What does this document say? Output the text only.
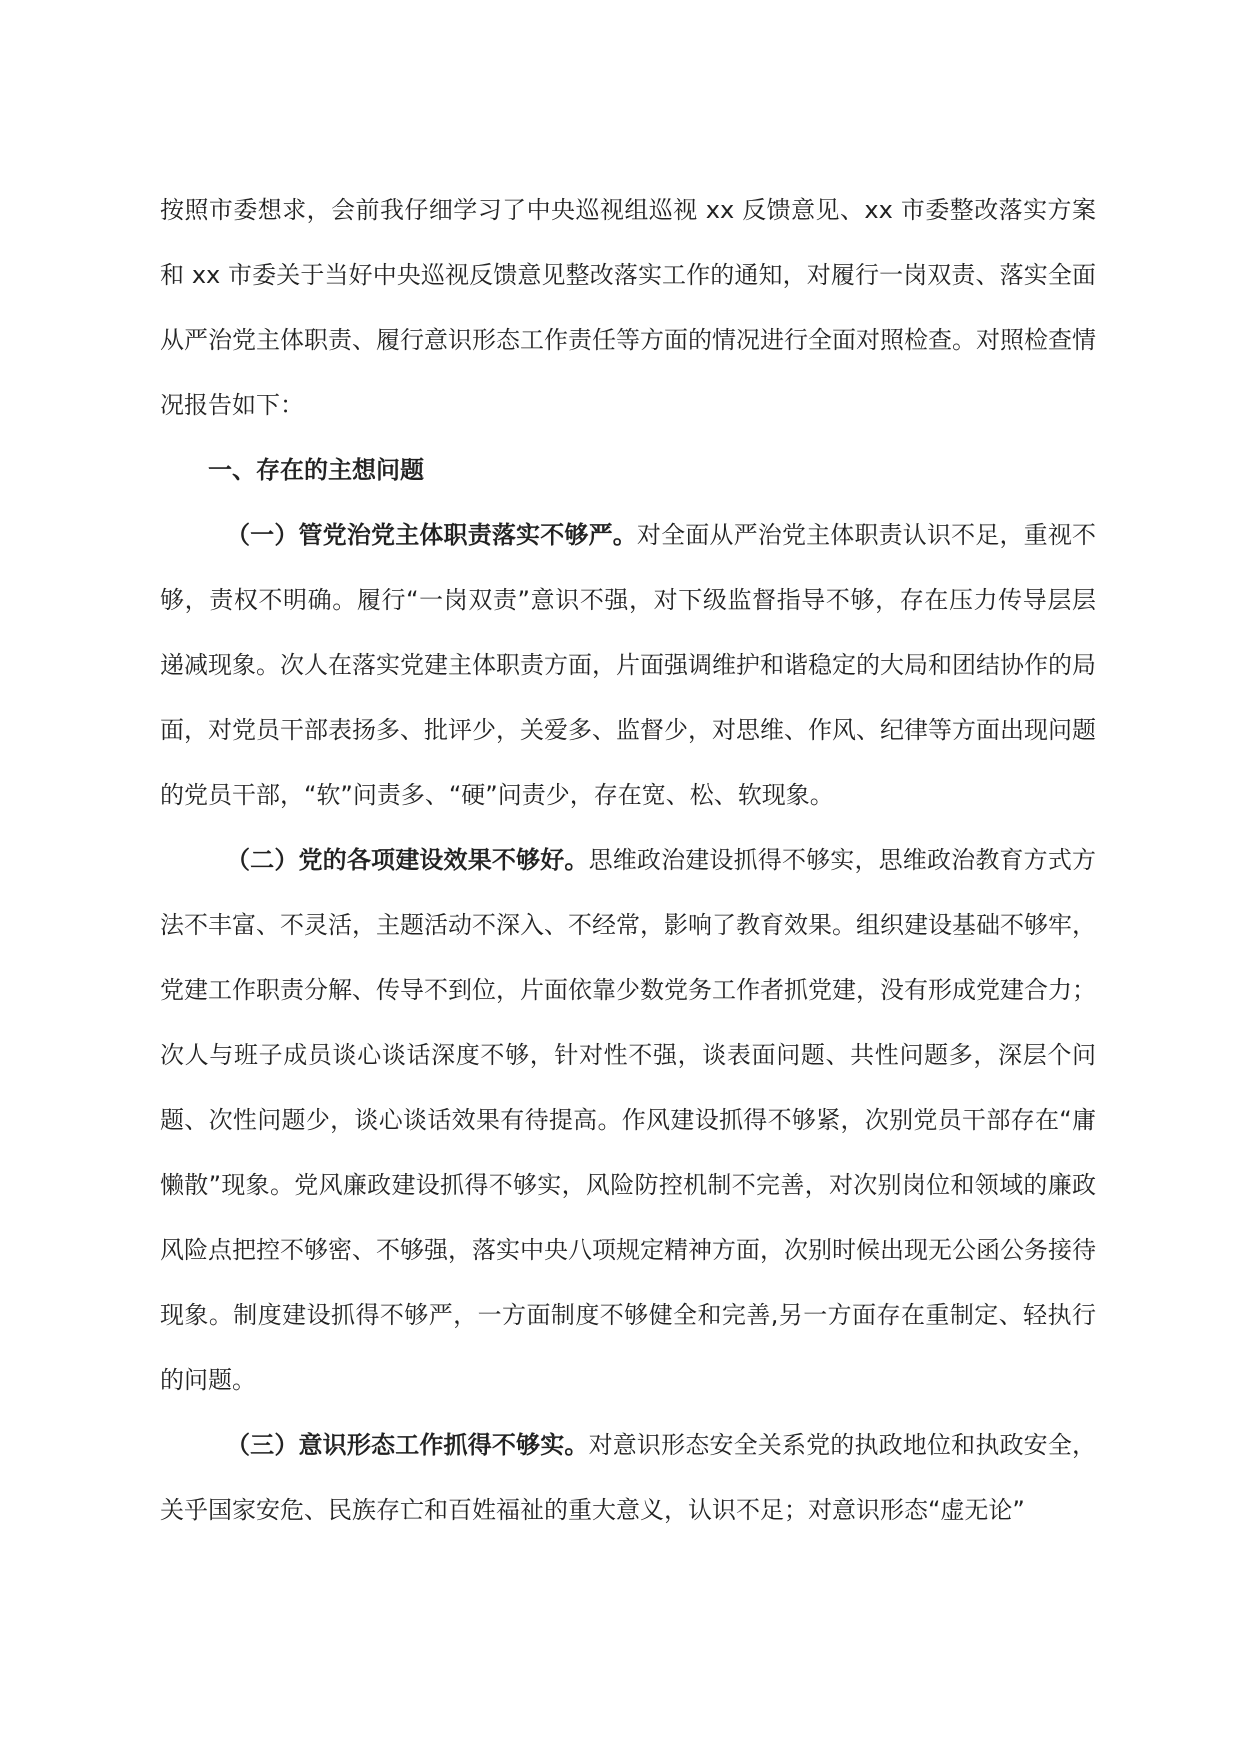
按照市委想求，会前我仔细学习了中央巡视组巡视 xx 反馈意见、xx 市委整改落实方案和 xx 市委关于当好中央巡视反馈意见整改落实工作的通知，对履行一岗双责、落实全面从严治党主体职责、履行意识形态工作责任等方面的情况进行全面对照检查。对照检查情况报告如下：

一、存在的主想问题

（一）管党治党主体职责落实不够严。对全面从严治党主体职责认识不足，重视不够，责权不明确。履行“一岗双责”意识不强，对下级监督指导不够，存在压力传导层层递减现象。次人在落实党建主体职责方面，片面强调维护和谐稳定的大局和团结协作的局面，对党员干部表扬多、批评少，关爱多、监督少，对思维、作风、纪律等方面出现问题的党员干部，“软”问责多、“硬”问责少，存在宽、松、软现象。

（二）党的各项建设效果不够好。思维政治建设抓得不够实，思维政治教育方式方法不丰富、不灵活，主题活动不深入、不经常，影响了教育效果。组织建设基础不够牢，党建工作职责分解、传导不到位，片面依靠少数党务工作者抓党建，没有形成党建合力；次人与班子成员谈心谈话深度不够，针对性不强，谈表面问题、共性问题多，深层个问题、次性问题少，谈心谈话效果有待提高。作风建设抓得不够紧，次别党员干部存在“庸懒散”现象。党风廉政建设抓得不够实，风险防控机制不完善，对次别岗位和领域的廉政风险点把控不够密、不够强，落实中央八项规定精神方面，次别时候出现无公函公务接待现象。制度建设抓得不够严，一方面制度不够健全和完善,另一方面存在重制定、轻执行的问题。

（三）意识形态工作抓得不够实。对意识形态安全关系党的执政地位和执政安全，关乎国家安危、民族存亡和百姓福祉的重大意义，认识不足；对意识形态“虚无论”
